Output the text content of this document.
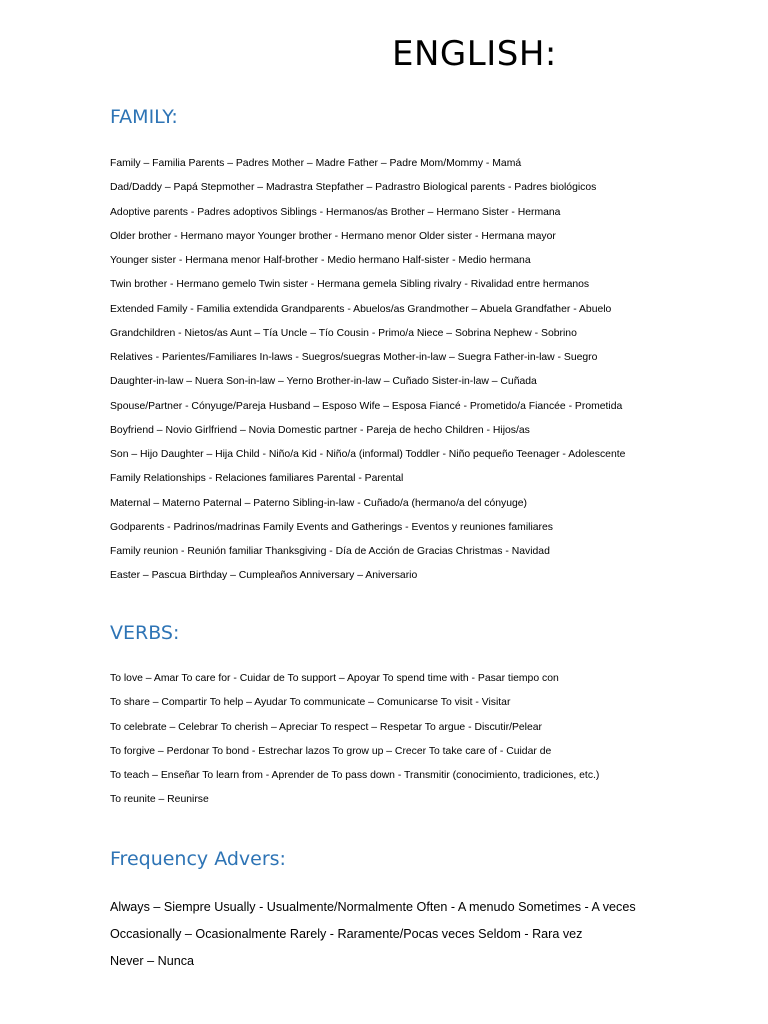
ENGLISH:
FAMILY:
Family – Familia Parents – Padres Mother – Madre Father – Padre Mom/Mommy - Mamá
Dad/Daddy – Papá Stepmother – Madrastra Stepfather – Padrastro Biological parents - Padres biológicos
Adoptive parents - Padres adoptivos Siblings - Hermanos/as Brother – Hermano Sister - Hermana
Older brother - Hermano mayor Younger brother - Hermano menor Older sister - Hermana mayor
Younger sister - Hermana menor Half-brother - Medio hermano Half-sister - Medio hermana
Twin brother - Hermano gemelo Twin sister - Hermana gemela Sibling rivalry - Rivalidad entre hermanos
Extended Family - Familia extendida Grandparents - Abuelos/as Grandmother – Abuela Grandfather - Abuelo
Grandchildren - Nietos/as Aunt – Tía Uncle – Tío Cousin - Primo/a Niece – Sobrina Nephew - Sobrino
Relatives - Parientes/Familiares In-laws - Suegros/suegras Mother-in-law – Suegra Father-in-law - Suegro
Daughter-in-law – Nuera Son-in-law – Yerno Brother-in-law – Cuñado Sister-in-law – Cuñada
Spouse/Partner - Cónyuge/Pareja Husband – Esposo Wife – Esposa Fiancé - Prometido/a Fiancée - Prometida
Boyfriend – Novio Girlfriend – Novia Domestic partner - Pareja de hecho Children - Hijos/as
Son – Hijo Daughter – Hija Child - Niño/a Kid - Niño/a (informal) Toddler - Niño pequeño Teenager - Adolescente
Family Relationships - Relaciones familiares Parental - Parental
Maternal – Materno Paternal – Paterno Sibling-in-law - Cuñado/a (hermano/a del cónyuge)
Godparents - Padrinos/madrinas Family Events and Gatherings - Eventos y reuniones familiares
Family reunion - Reunión familiar Thanksgiving - Día de Acción de Gracias Christmas - Navidad
Easter – Pascua Birthday – Cumpleaños Anniversary – Aniversario
VERBS:
To love – Amar To care for - Cuidar de To support – Apoyar To spend time with - Pasar tiempo con
To share – Compartir To help – Ayudar To communicate – Comunicarse To visit - Visitar
To celebrate – Celebrar To cherish – Apreciar To respect – Respetar To argue - Discutir/Pelear
To forgive – Perdonar To bond - Estrechar lazos To grow up – Crecer To take care of - Cuidar de
To teach – Enseñar To learn from - Aprender de To pass down - Transmitir (conocimiento, tradiciones, etc.)
To reunite – Reunirse
Frequency Advers:
Always – Siempre Usually - Usualmente/Normalmente Often - A menudo Sometimes - A veces
Occasionally – Ocasionalmente Rarely - Raramente/Pocas veces Seldom - Rara vez
Never – Nunca
